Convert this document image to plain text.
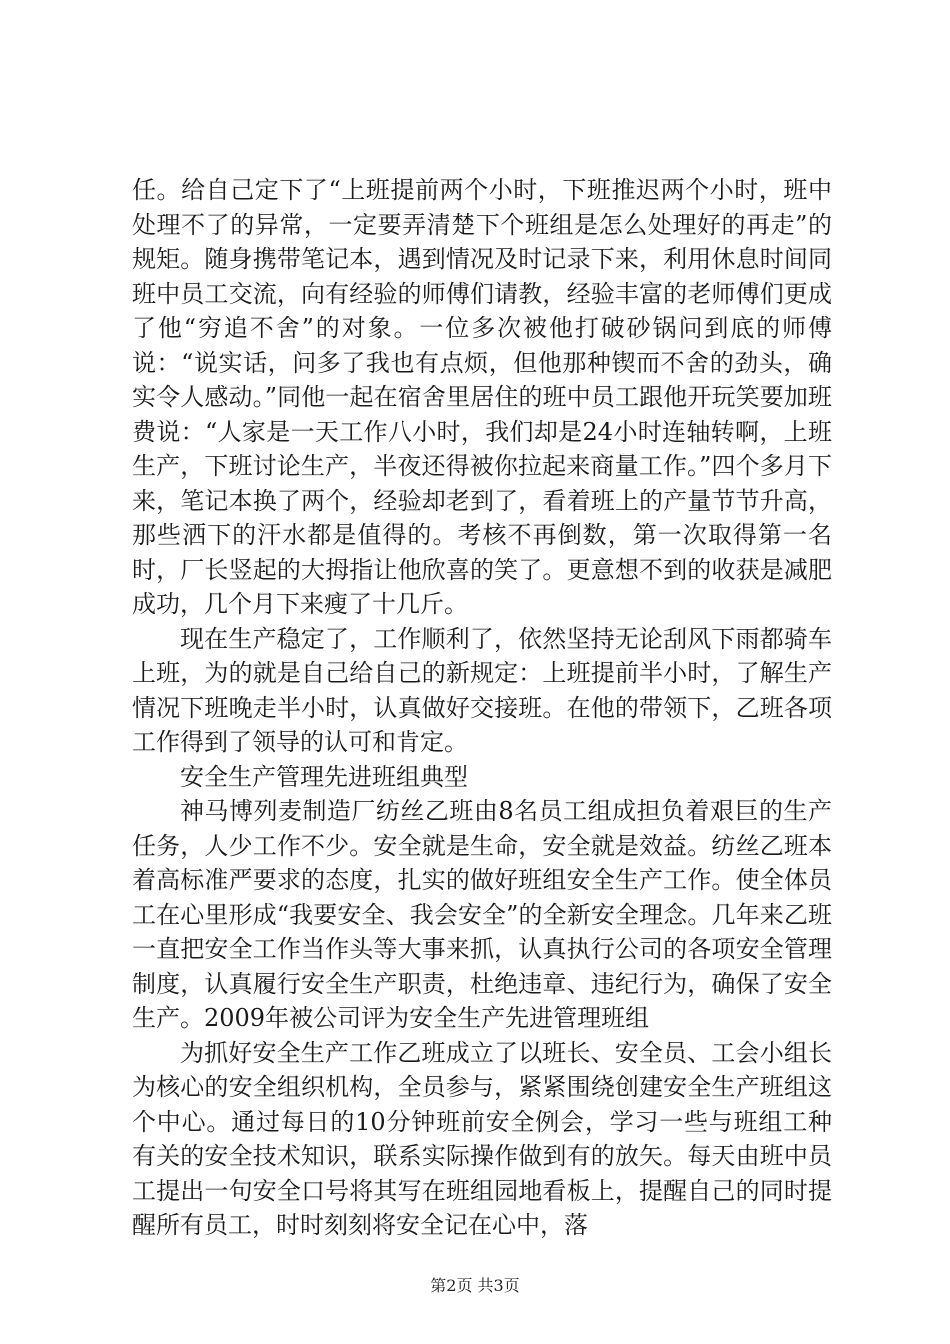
任。给自己定下了“上班提前两个小时，下班推迟两个小时，班中处理不了的异常，一定要弄清楚下个班组是怎么处理好的再走”的规矩。随身携带笔记本，遇到情况及时记录下来，利用休息时间同班中员工交流，向有经验的师傅们请教，经验丰富的老师傅们更成了他“穷追不舍”的对象。一位多次被他打破砂锅问到底的师傅说：“说实话，问多了我也有点烦，但他那种锲而不舍的劲头，确实令人感动。”同他一起在宿舍里居住的班中员工跟他开玩笑要加班费说：“人家是一天工作八小时，我们却是24小时连轴转啊，上班生产，下班讨论生产，半夜还得被你拉起来商量工作。”四个多月下来，笔记本换了两个，经验却老到了，看着班上的产量节节升高，那些洒下的汗水都是值得的。考核不再倒数，第一次取得第一名时，厂长竖起的大拇指让他欣喜的笑了。更意想不到的收获是减肥成功，几个月下来瘦了十几斤。

现在生产稳定了，工作顺利了，依然坚持无论刮风下雨都骑车上班，为的就是自己给自己的新规定：上班提前半小时，了解生产情况下班晚走半小时，认真做好交接班。在他的带领下，乙班各项工作得到了领导的认可和肯定。

安全生产管理先进班组典型

神马博列麦制造厂纺丝乙班由8名员工组成担负着艰巨的生产任务，人少工作不少。安全就是生命，安全就是效益。纺丝乙班本着高标准严要求的态度，扎实的做好班组安全生产工作。使全体员工在心里形成“我要安全、我会安全”的全新安全理念。几年来乙班一直把安全工作当作头等大事来抓，认真执行公司的各项安全管理制度，认真履行安全生产职责，杜绝违章、违纪行为，确保了安全生产。2009年被公司评为安全生产先进管理班组

为抓好安全生产工作乙班成立了以班长、安全员、工会小组长为核心的安全组织机构，全员参与，紧紧围绕创建安全生产班组这个中心。通过每日的10分钟班前安全例会，学习一些与班组工种有关的安全技术知识，联系实际操作做到有的放矢。每天由班中员工提出一句安全口号将其写在班组园地看板上，提醒自己的同时提醒所有员工，时时刻刻将安全记在心中，落

第2页 共3页
